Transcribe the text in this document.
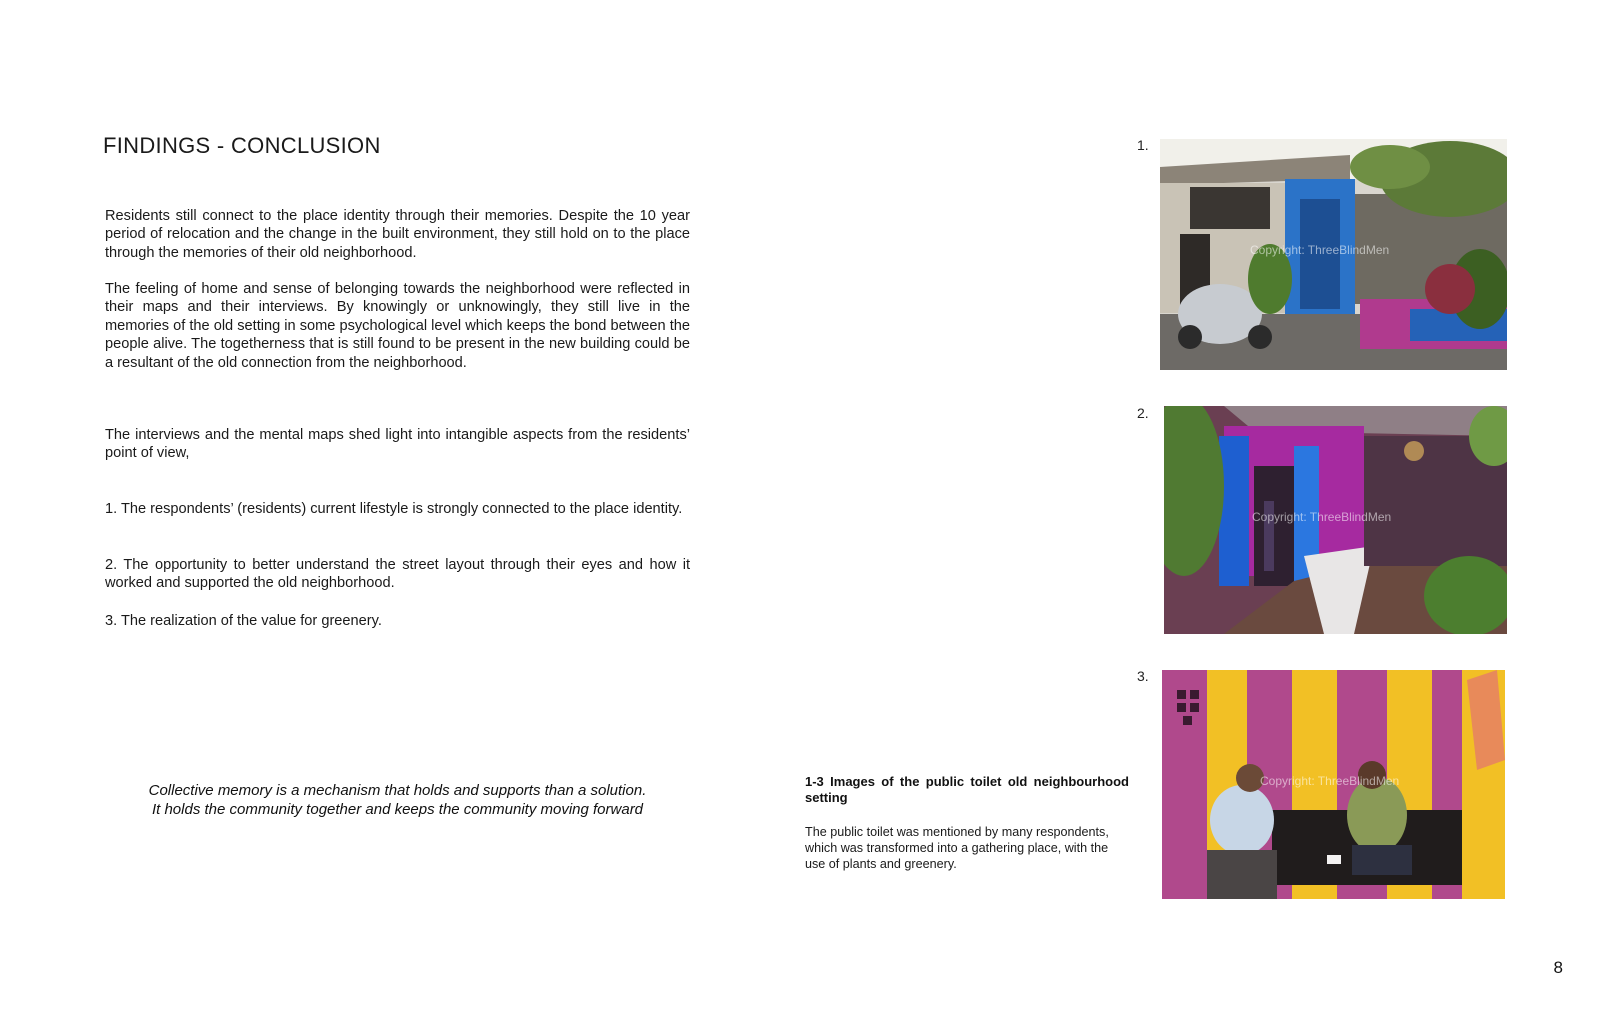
FINDINGS - CONCLUSION

Residents still connect to the place identity through their memories. Despite the 10 year period of relocation and the change in the built environment, they still hold on to the place through the memories of their old neighborhood.

The feeling of home and sense of belonging towards the neighborhood were reflected in their maps and their interviews. By knowingly or unknowingly, they still live in the memories of the old setting in some psychological level which keeps the bond between the people alive. The togetherness that is still found to be present in the new building could be a resultant of the old connection from the neighborhood.

The interviews and the mental maps shed light into intangible aspects from the residents’ point of view,

1. The respondents’ (residents) current lifestyle is strongly connected to the place identity.

2. The opportunity to better understand the street layout through their eyes and how it worked and supported the old neighborhood.

3. The realization of the value for greenery.

Collective memory is a mechanism that holds and supports than a solution.
It holds the community together and keeps the community moving forward

1-3 Images of the public toilet old neighbourhood setting

The public toilet was mentioned by many respondents, which was transformed into a gathering place, with the use of plants and greenery.

1.
2.
3.
Copyright: ThreeBlindMen
Copyright: ThreeBlindMen
Copyright: ThreeBlindMen
8
